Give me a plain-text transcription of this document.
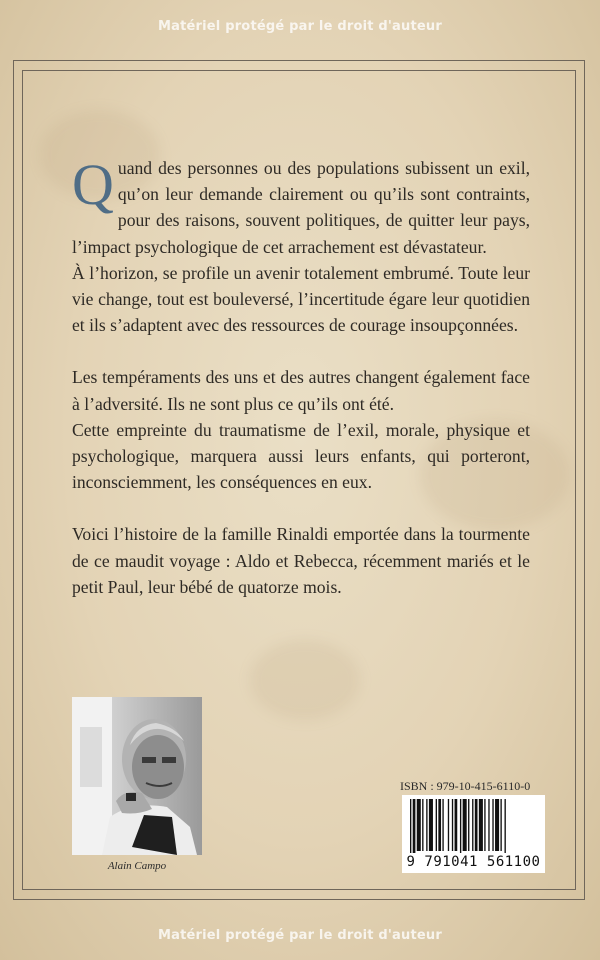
Matériel protégé par le droit d'auteur

Quand des personnes ou des populations subissent un exil, qu’on leur demande clairement ou qu’ils sont contraints, pour des raisons, souvent politiques, de quitter leur pays, l’impact psychologique de cet arrachement est dévastateur.

À l’horizon, se profile un avenir totalement embrumé. Toute leur vie change, tout est bouleversé, l’incertitude égare leur quotidien et ils s’adaptent avec des ressources de courage insoupçonnées.

Les tempéraments des uns et des autres changent également face à l’adversité. Ils ne sont plus ce qu’ils ont été.

Cette empreinte du traumatisme de l’exil, morale, physique et psychologique, marquera aussi leurs enfants, qui porteront, inconsciemment, les conséquences en eux.

Voici l’histoire de la famille Rinaldi emportée dans la tourmente de ce maudit voyage : Aldo et Rebecca, récemment mariés et le petit Paul, leur bébé de quatorze mois.

Alain Campo
ISBN : 979-10-415-6110-0
9 791041 561100
Matériel protégé par le droit d'auteur
